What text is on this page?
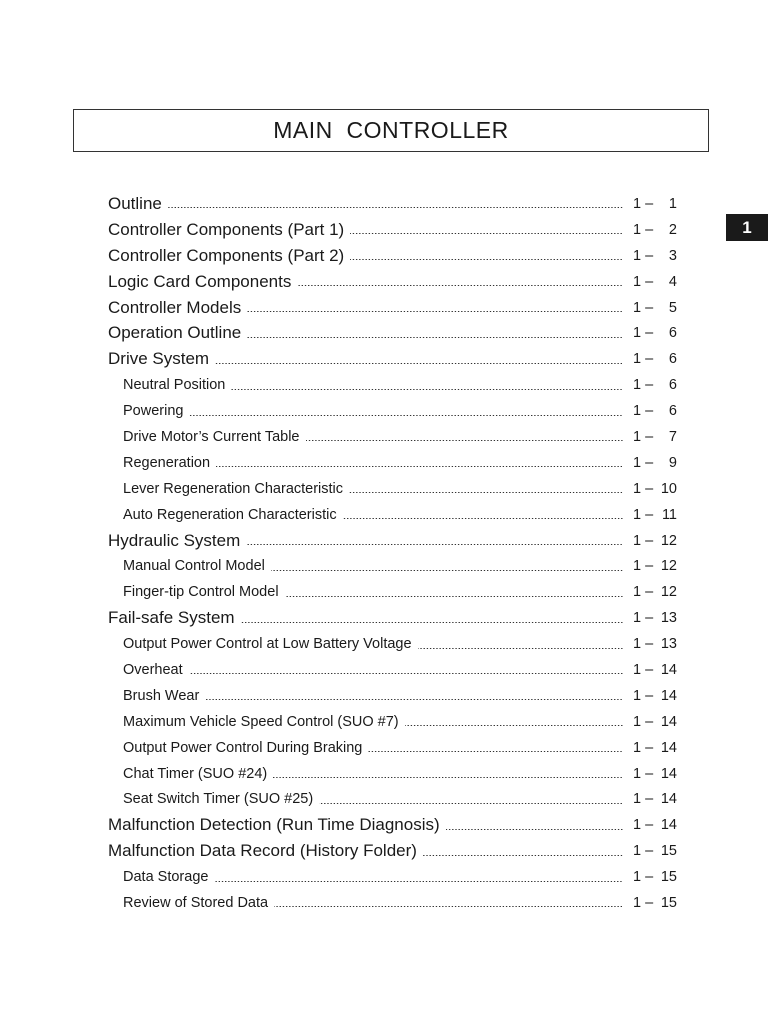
MAIN  CONTROLLER
1
Outline	1 –	1
Controller Components (Part 1)	1 –	2
Controller Components (Part 2)	1 –	3
Logic Card Components	1 –	4
Controller Models	1 –	5
Operation Outline	1 –	6
Drive System	1 –	6
Neutral Position	1 –	6
Powering	1 –	6
Drive Motor’s Current Table	1 –	7
Regeneration	1 –	9
Lever Regeneration Characteristic	1 – 10
Auto Regeneration Characteristic	1 – 11
Hydraulic System	1 – 12
Manual Control Model	1 – 12
Finger-tip Control Model	1 – 12
Fail-safe System	1 – 13
Output Power Control at Low Battery Voltage	1 – 13
Overheat	1 – 14
Brush Wear	1 – 14
Maximum Vehicle Speed Control (SUO #7)	1 – 14
Output Power Control During Braking	1 – 14
Chat Timer (SUO #24)	1 – 14
Seat Switch Timer (SUO #25)	1 – 14
Malfunction Detection (Run Time Diagnosis)	1 – 14
Malfunction Data Record (History Folder)	1 – 15
Data Storage	1 – 15
Review of Stored Data	1 – 15
